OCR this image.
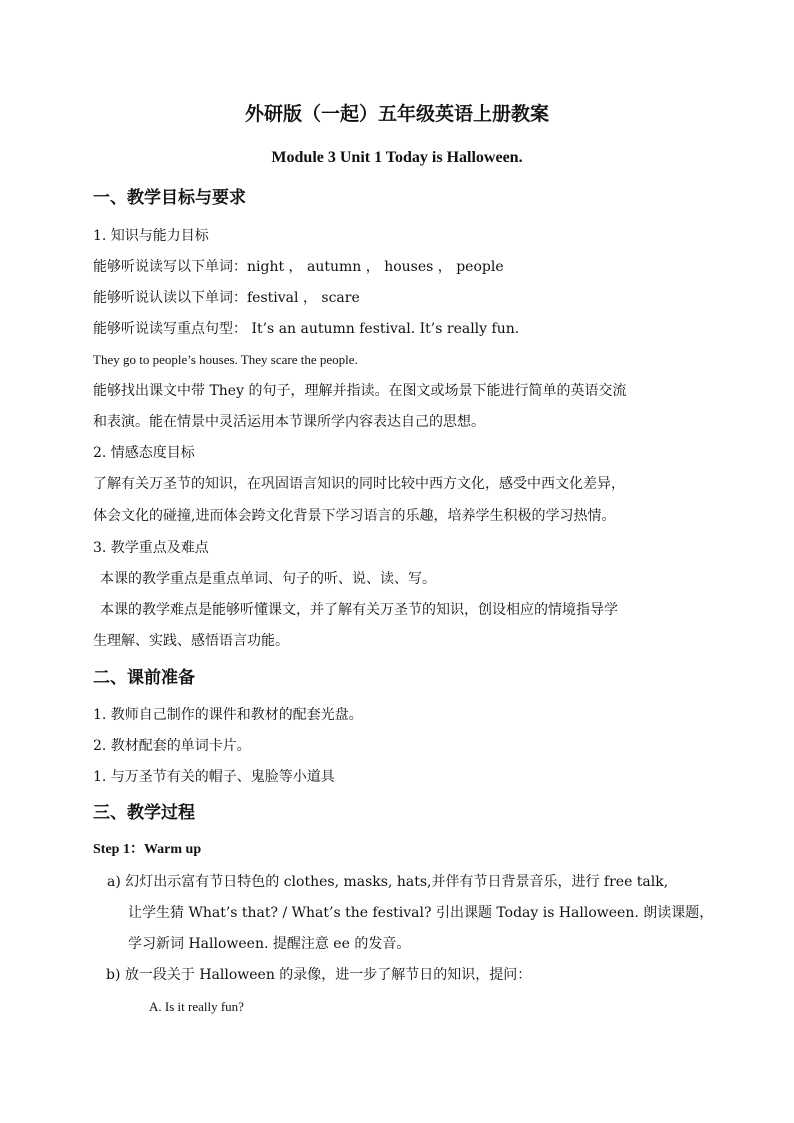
外研版（一起）五年级英语上册教案
Module 3 Unit 1 Today is Halloween.
一、教学目标与要求
1. 知识与能力目标
能够听说读写以下单词：night ， autumn ， houses ， people
能够听说认读以下单词：festival ， scare
能够听说读写重点句型： It’s an autumn festival. It’s really fun.
They go to people’s houses. They scare the people.
能够找出课文中带 They 的句子，理解并指读。在图文或场景下能进行简单的英语交流
和表演。能在情景中灵活运用本节课所学内容表达自己的思想。
2. 情感态度目标
了解有关万圣节的知识，在巩固语言知识的同时比较中西方文化，感受中西文化差异，
体会文化的碰撞,进而体会跨文化背景下学习语言的乐趣，培养学生积极的学习热情。
3. 教学重点及难点
本课的教学重点是重点单词、句子的听、说、读、写。
本课的教学难点是能够听懂课文，并了解有关万圣节的知识，创设相应的情境指导学
生理解、实践、感悟语言功能。
二、课前准备
1. 教师自己制作的课件和教材的配套光盘。
2. 教材配套的单词卡片。
1. 与万圣节有关的帽子、鬼脸等小道具
三、教学过程
Step 1：Warm up
a) 幻灯出示富有节日特色的 clothes, masks, hats,并伴有节日背景音乐，进行 free talk,
让学生猜 What’s that? / What’s the festival? 引出课题 Today is Halloween. 朗读课题，
学习新词 Halloween. 提醒注意 ee 的发音。
b) 放一段关于 Halloween 的录像，进一步了解节日的知识，提问：
A. Is it really fun?
